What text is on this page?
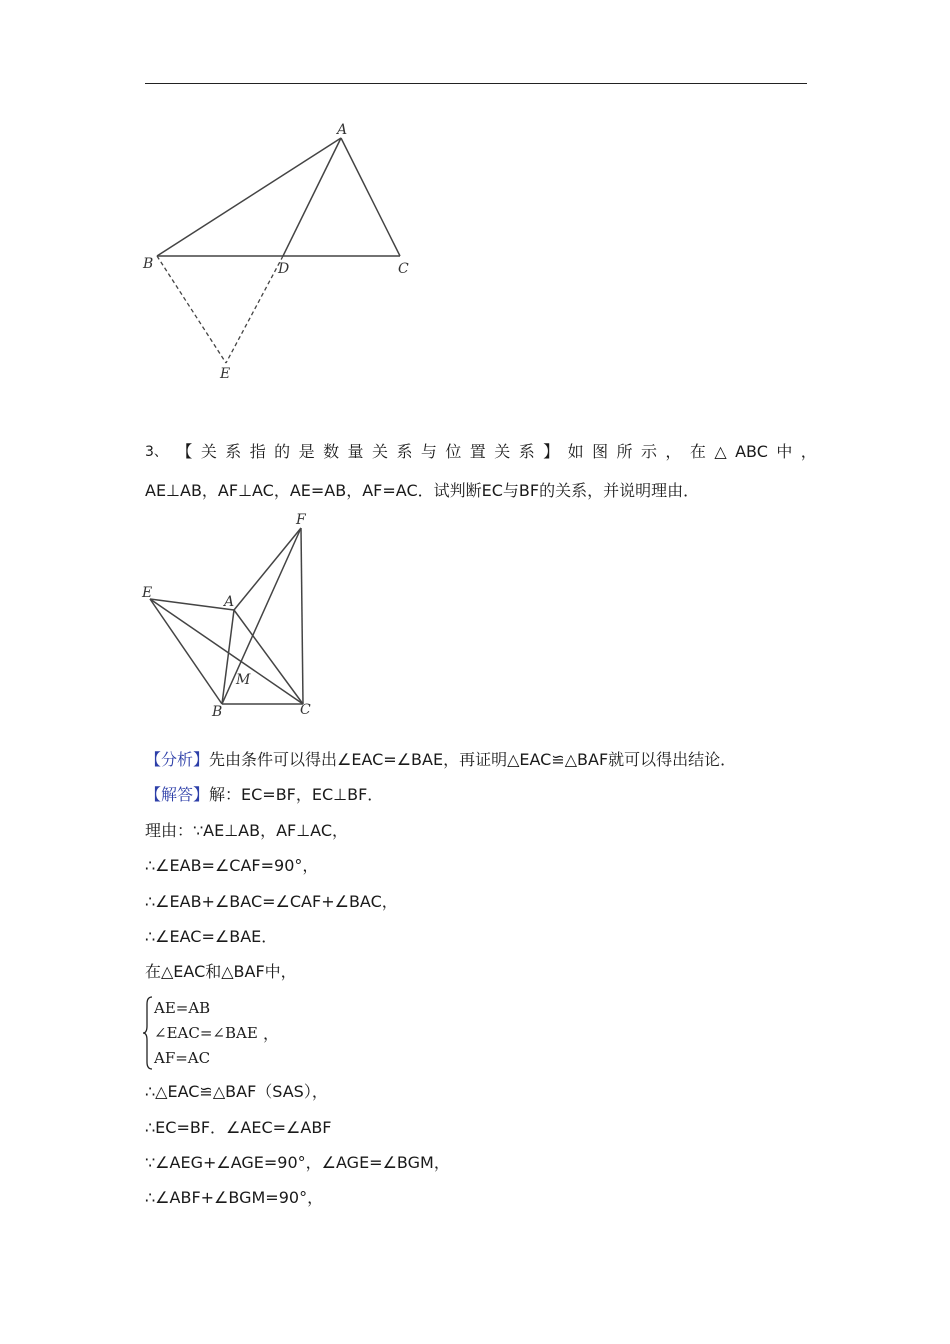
A
B	D	C
E
3、 【 关 系 指 的 是 数 量 关 系 与 位 置 关 系 】 如 图 所 示 ， 在 △ ABC 中 ，
AE⊥AB，AF⊥AC，AE=AB，AF=AC．试判断EC与BF的关系，并说明理由．
F
E
A
M
B	C
【分析】先由条件可以得出∠EAC=∠BAE，再证明△EAC≌△BAF就可以得出结论．
【解答】解：EC=BF，EC⊥BF．
理由：∵AE⊥AB，AF⊥AC，
∴∠EAB=∠CAF=90°，
∴∠EAB+∠BAC=∠CAF+∠BAC，
∴∠EAC=∠BAE．
在△EAC和△BAF中，
AE=AB
∠EAC=∠BAE
AF=AC
，
∴△EAC≌△BAF（SAS），
∴EC=BF．∠AEC=∠ABF
∵∠AEG+∠AGE=90°，∠AGE=∠BGM，
∴∠ABF+∠BGM=90°，
